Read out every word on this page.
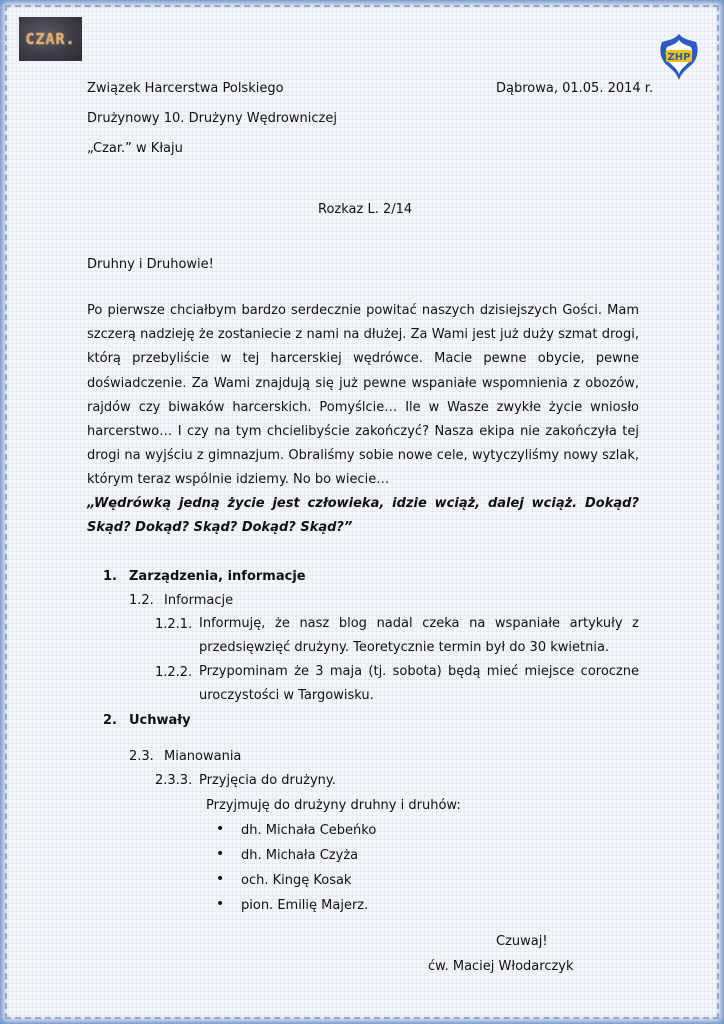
CZAR.
ZHP
Związek Harcerstwa Polskiego	Dąbrowa, 01.05. 2014 r.
Drużynowy 10. Drużyny Wędrowniczej
„Czar.” w Kłaju
Rozkaz L. 2/14
Druhny i Druhowie!
Po pierwsze chciałbym bardzo serdecznie powitać naszych dzisiejszych Gości. Mam szczerą nadzieję że zostaniecie z nami na dłużej. Za Wami jest już duży szmat drogi, którą przebyliście w tej harcerskiej wędrówce. Macie pewne obycie, pewne doświadczenie. Za Wami znajdują się już pewne wspaniałe wspomnienia z obozów, rajdów czy biwaków harcerskich. Pomyślcie… Ile w Wasze zwykłe życie wniosło harcerstwo… I czy na tym chcielibyście zakończyć? Nasza ekipa nie zakończyła tej drogi na wyjściu z gimnazjum. Obraliśmy sobie nowe cele, wytyczyliśmy nowy szlak, którym teraz wspólnie idziemy. No bo wiecie…
„Wędrówką jedną życie jest człowieka, idzie wciąż, dalej wciąż. Dokąd? Skąd? Dokąd? Skąd? Dokąd? Skąd?”
1. Zarządzenia, informacje
1.2. Informacje
1.2.1. Informuję, że nasz blog nadal czeka na wspaniałe artykuły z przedsięwzięć drużyny. Teoretycznie termin był do 30 kwietnia.
1.2.2. Przypominam że 3 maja (tj. sobota) będą mieć miejsce coroczne uroczystości w Targowisku.
2. Uchwały
2.3. Mianowania
2.3.3. Przyjęcia do drużyny.
Przyjmuję do drużyny druhny i druhów:
• dh. Michała Cebeńko
• dh. Michała Czyża
• och. Kingę Kosak
• pion. Emilię Majerz.
Czuwaj!
ćw. Maciej Włodarczyk
